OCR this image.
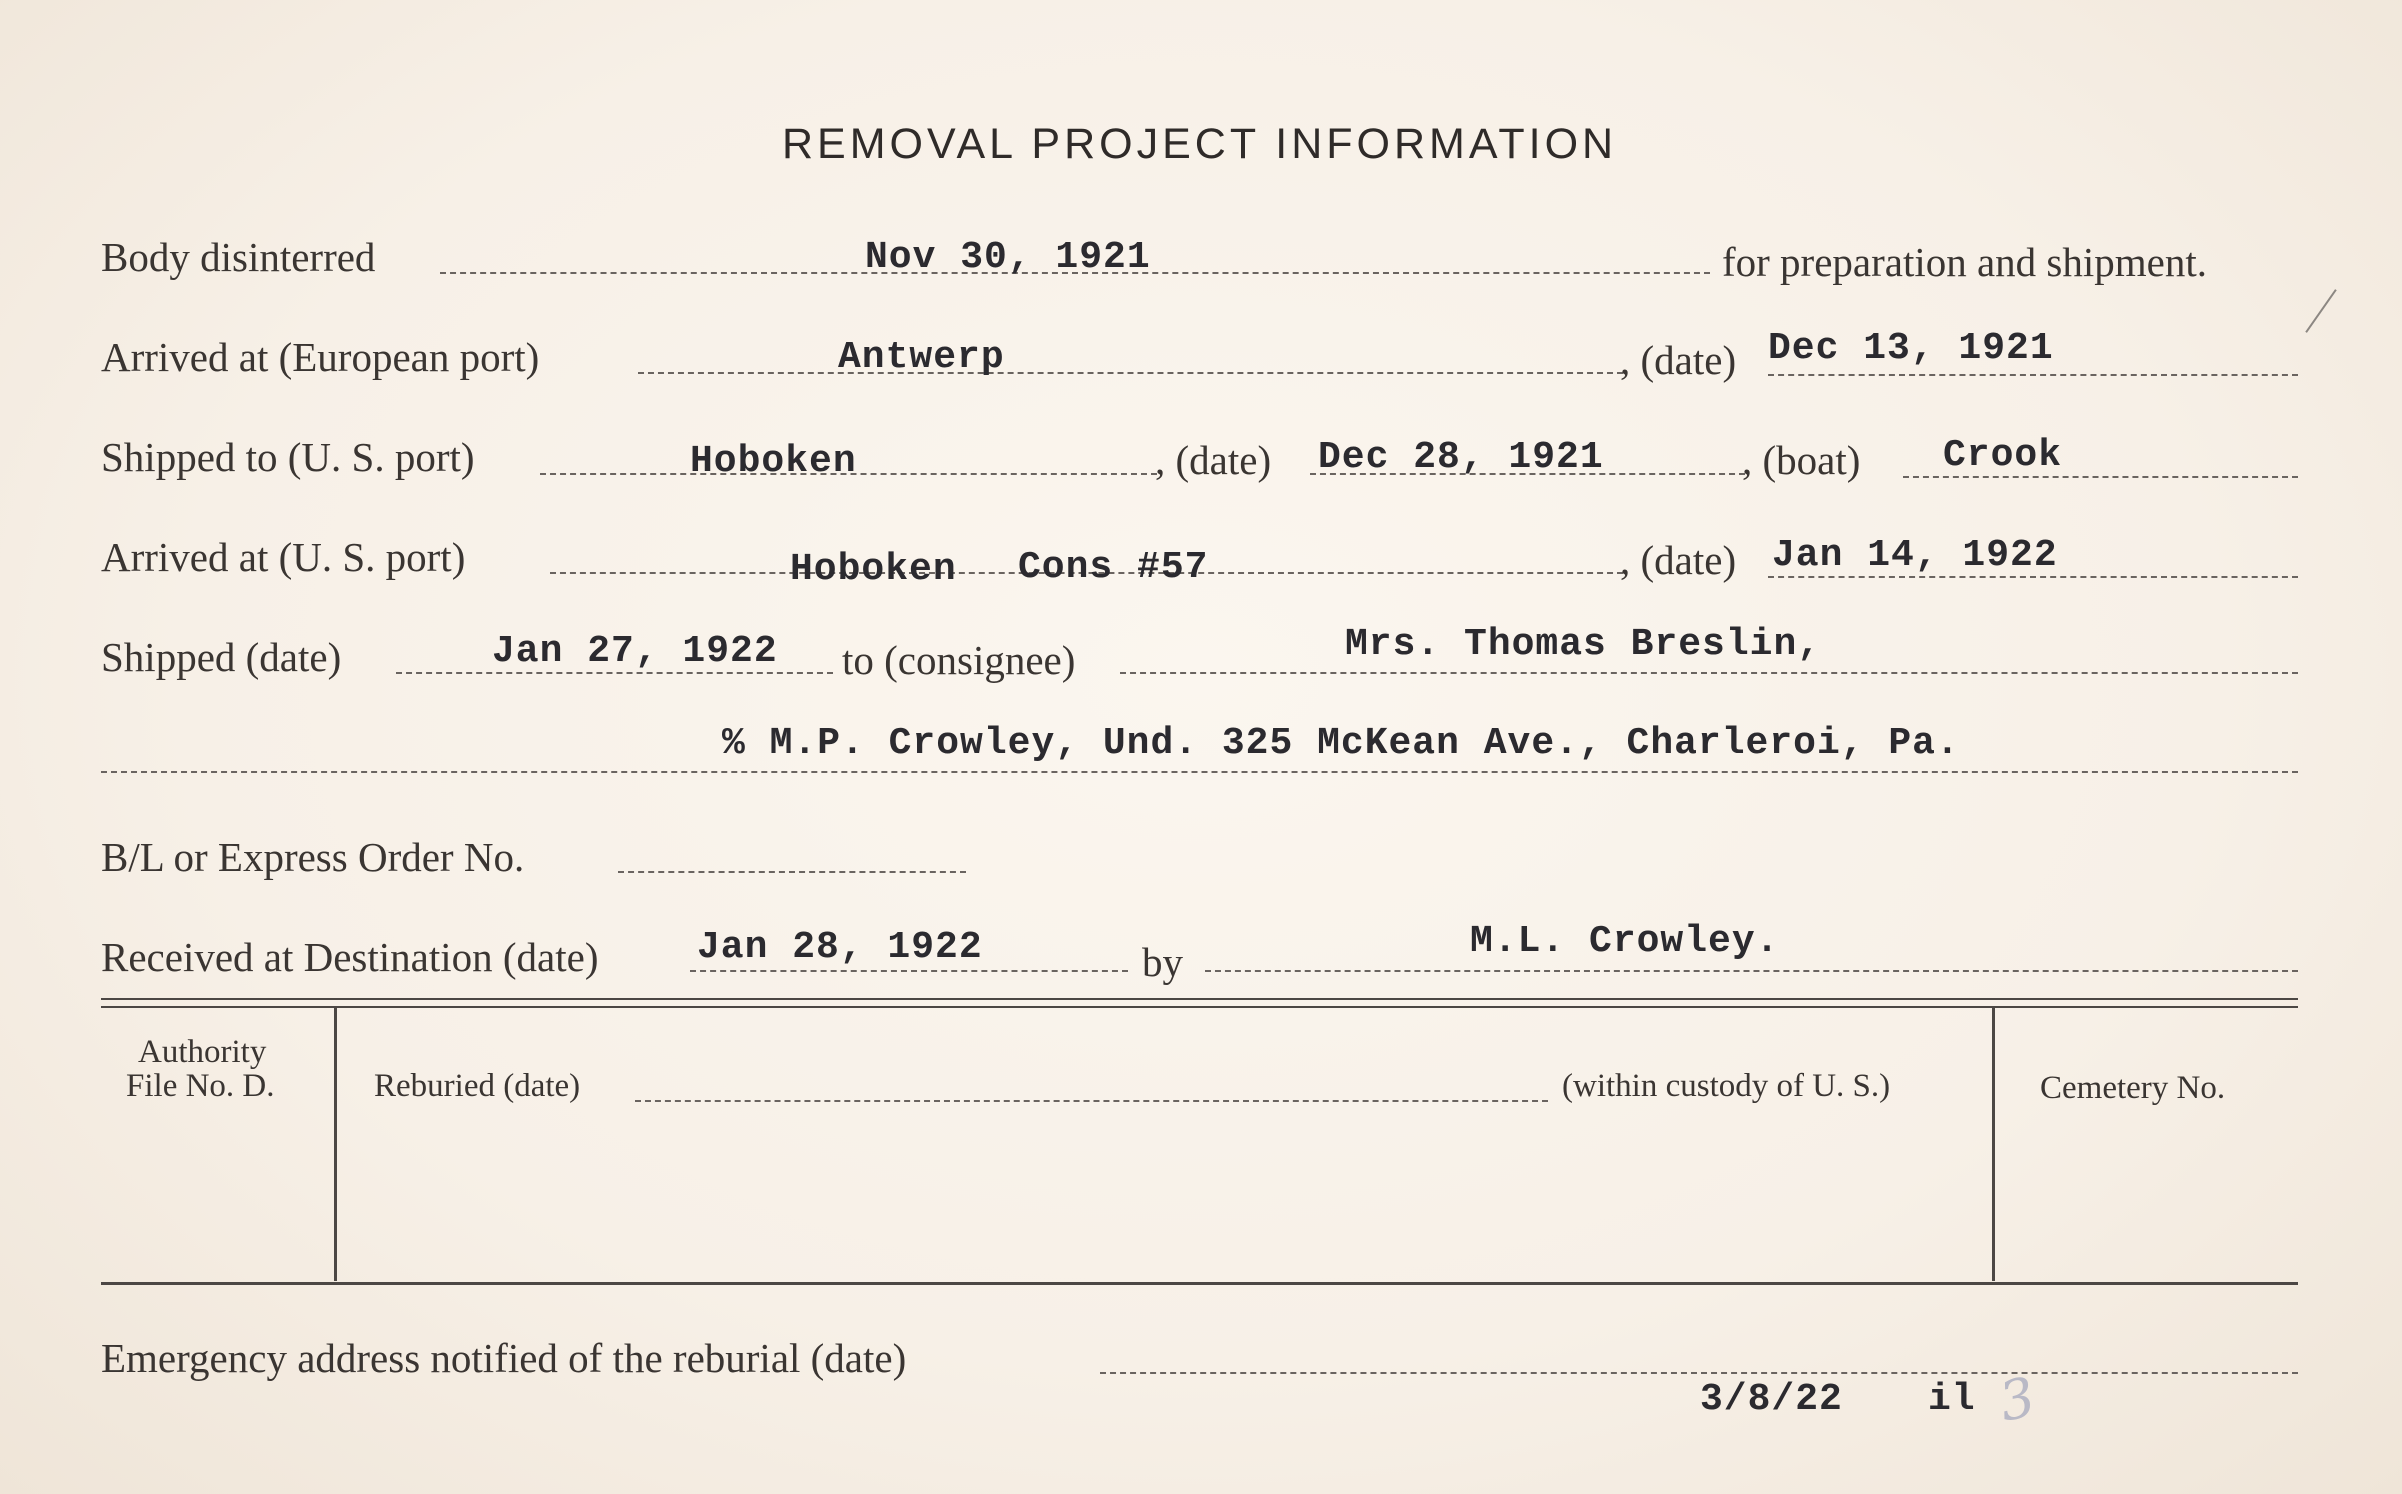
REMOVAL PROJECT INFORMATION
Body disinterred	Nov 30, 1921	for preparation and shipment.
Arrived at (European port)	Antwerp	, (date) Dec 13, 1921
Shipped to (U. S. port)	Hoboken	, (date) Dec 28, 1921	, (boat) Crook
Arrived at (U. S. port)	Hoboken Cons #57	, (date) Jan 14, 1922
Shipped (date)	Jan 27, 1922 to (consignee)	Mrs. Thomas Breslin,
% M.P. Crowley, Und. 325 McKean Ave., Charleroi, Pa.
B/L or Express Order No.
Received at Destination (date)	Jan 28, 1922	by	M.L. Crowley.
Authority
File No. D.	Reburied (date)	(within custody of U. S.)	Cemetery No.
Emergency address notified of the reburial (date)
3/8/22 il 3
